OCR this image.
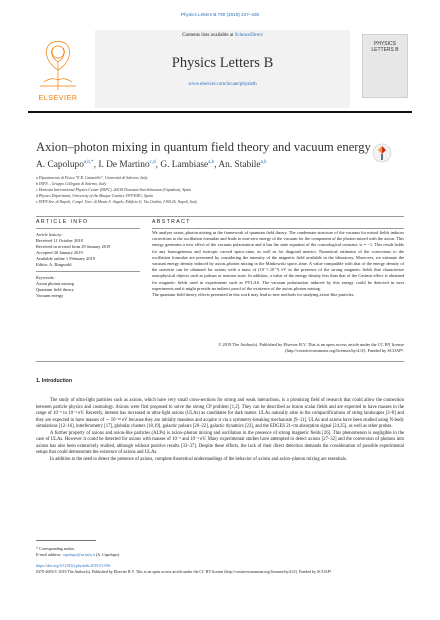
Physics Letters B 790 (2019) 427–435
ELSEVIER
Contents lists available at ScienceDirect
Physics Letters B
www.elsevier.com/locate/physletb
PHYSICS LETTERS B
Axion–photon mixing in quantum field theory and vacuum energy
A. Capolupo$^{a,b,*}$, I. De Martino$^{c,d}$, G. Lambiase$^{a,b}$, An. Stabile$^{a,b}$
a Dipartimento di Fisica "E.R. Caianiello", Università di Salerno, Italy
b INFN – Gruppo Collegato di Salerno, Italy
c Donostia International Physics Center (DIPC), 20018 Donostia-San Sebastian (Gipuzkoa), Spain
d Physics Department, University of the Basque Country UPV/EHU, Spain
e INFN Sez. di Napoli, Compl. Univ. di Monte S. Angelo, Edificio G, Via Cinthia, I-80126, Napoli, Italy
ARTICLE INFO
Article history:
Received 11 October 2018
Received in revised form 29 January 2019
Accepted 30 January 2019
Available online 1 February 2019
Editor: A. Ringwald
Keywords:
Axion photon mixing
Quantum field theory
Vacuum energy
ABSTRACT

We analyze axion–photon mixing in the framework of quantum field theory. The condensate structure of the vacuum for mixed fields induces corrections to the oscillation formulae and leads to non-zero energy of the vacuum for the component of the photon mixed with the axion. This energy generates a new effect of the vacuum polarization and it has the state equation of the cosmological constant, w = −1. This result holds for any homogeneous and isotropic curved space–time, as well as for diagonal metrics. Numerical estimates of the corrections to the oscillation formulae are presented by considering the intensity of the magnetic field available in the laboratory. Moreover, we estimate the vacuum energy density induced by axion–photon mixing in the Minkowski space–time. A value compatible with that of the energy density of the universe can be obtained for axions with a mass of (10⁻³–10⁻²) eV in the presence of the strong magnetic fields that characterize astrophysical objects such as pulsars or neutron stars. In addition, a value of the energy density less than that of the Casimir effect is obtained for magnetic fields used in experiments such as PVLAS. The vacuum polarization induced by this energy could be detected in next experiments and it might provide an indirect proof of the existence of the axion–photon mixing.

The quantum field theory effects presented in this work may lead to new methods for studying axion-like particles.

© 2019 The Author(s). Published by Elsevier B.V. This is an open access article under the CC BY license (http://creativecommons.org/licenses/by/4.0/). Funded by SCOAP³.
1. Introduction

The study of ultra-light particles such as axions, which have very small cross-sections for strong and weak interactions, is a promising field of research that could allow the connection between particle physics and cosmology. Axions were first proposed to solve the strong CP problem [1,2]. They can be described as boson scalar fields and are expected to have masses in the range of 10⁻⁶ to 10⁻² eV. Recently, interest has increased in ultra-light axions (ULAs) as candidates for dark matter. ULAs naturally arise in the compactifications of string landscapes [3–8] and they are expected to have masses of ∼ 10⁻²² eV because they are initially massless and acquire it via a symmetry-breaking mechanism [9–11]. ULAs and axions have been studied using N-body simulations [12–16], interferometry [17], globular clusters [18,19], galactic pulsars [20–22], galactic dynamics [23], and the EDGES 21-cm absorption signal [24,25], as well as other probes.

A further property of axions and axion-like particles (ALPs) is axion–photon mixing and oscillation in the presence of strong magnetic fields [26]. This phenomenon is negligible in the case of ULAs. However it could be detected for axions with masses of 10⁻³ and 10⁻² eV. Many experimental studies have attempted to detect axions [27–32] and the conversion of photons into axions has also been extensively studied, although without positive results [33–37]. Despite these efforts, the lack of their direct detection demands the consideration of possible experimental setups that could demonstrate the existence of axions and ULAs.

In addition to the need to detect the presence of axions, complete theoretical understandings of the behavior of axions and axion–photon mixing are essentials.

* Corresponding author.
E-mail address: capolupo@sa.infn.it (A. Capolupo).
https://doi.org/10.1016/j.physletb.2019.01.056
0370-2693/© 2019 The Author(s). Published by Elsevier B.V. This is an open access article under the CC BY license (http://creativecommons.org/licenses/by/4.0/). Funded by SCOAP³.
